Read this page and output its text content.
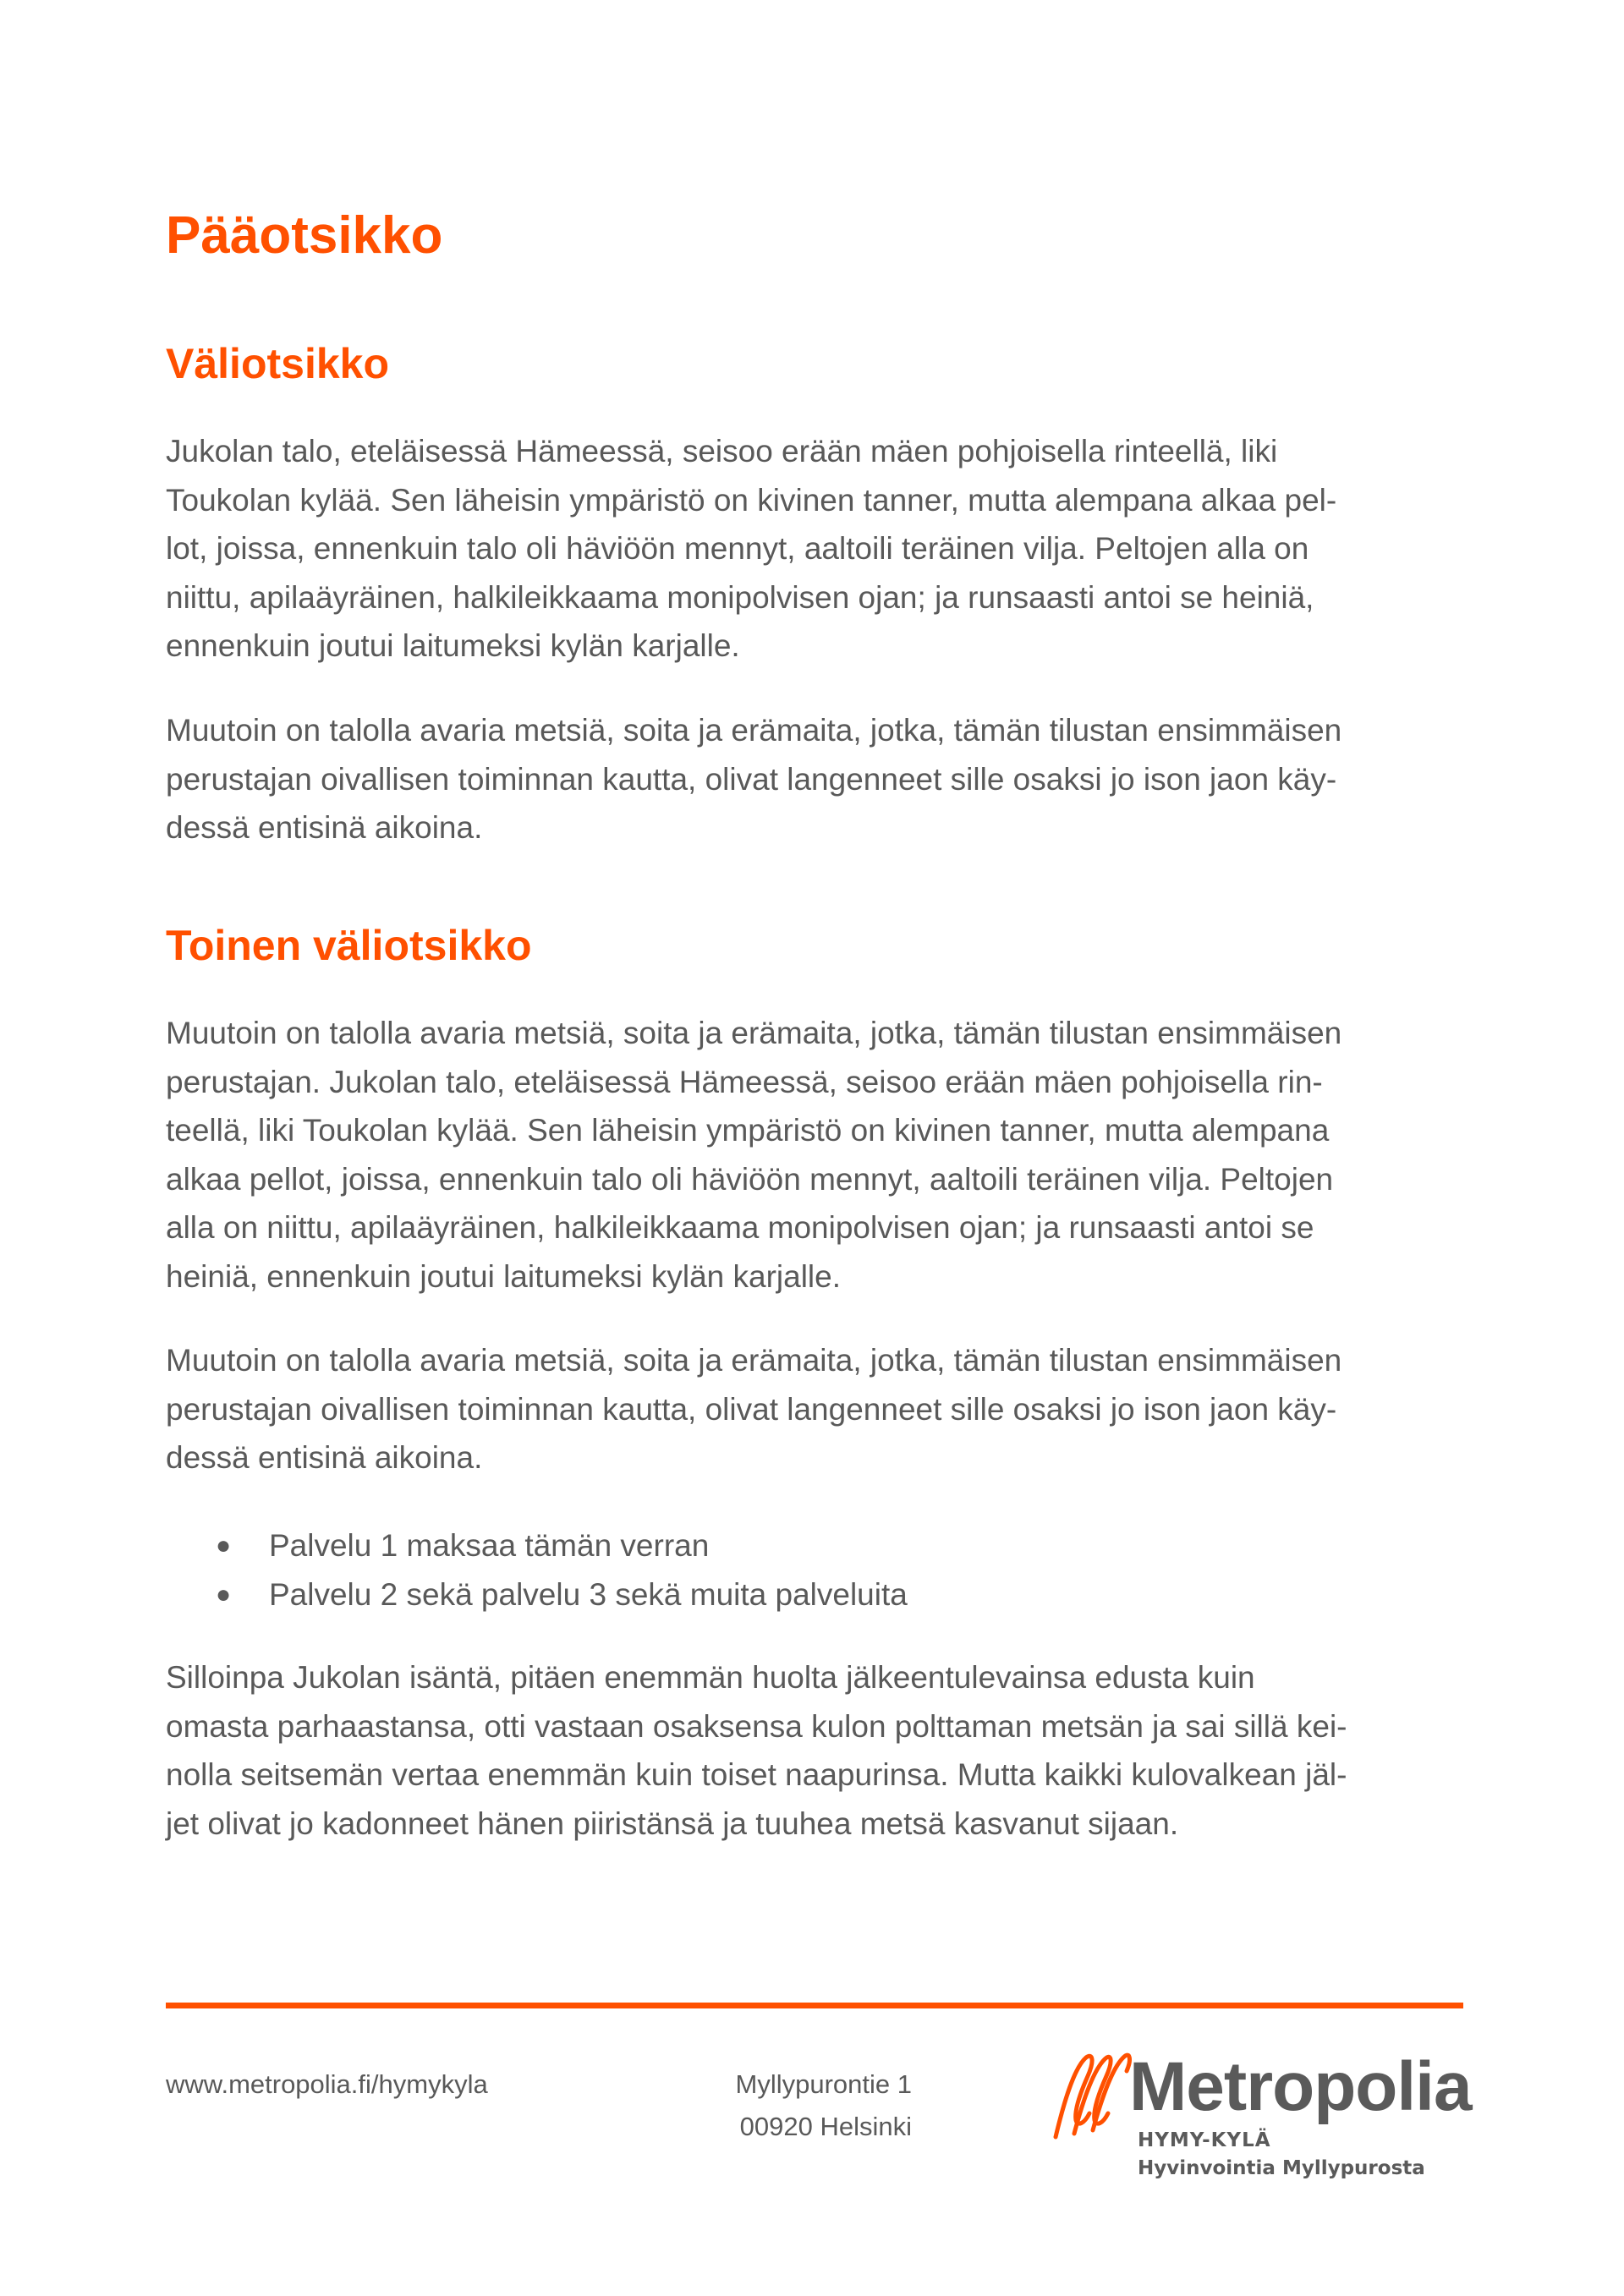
Pääotsikko
Väliotsikko

Jukolan talo, eteläisessä Hämeessä, seisoo erään mäen pohjoisella rinteellä, liki
Toukolan kylää. Sen läheisin ympäristö on kivinen tanner, mutta alempana alkaa pel-
lot, joissa, ennenkuin talo oli häviöön mennyt, aaltoili teräinen vilja. Peltojen alla on
niittu, apilaäyräinen, halkileikkaama monipolvisen ojan; ja runsaasti antoi se heiniä,
ennenkuin joutui laitumeksi kylän karjalle.

Muutoin on talolla avaria metsiä, soita ja erämaita, jotka, tämän tilustan ensimmäisen
perustajan oivallisen toiminnan kautta, olivat langenneet sille osaksi jo ison jaon käy-
dessä entisinä aikoina.

Toinen väliotsikko

Muutoin on talolla avaria metsiä, soita ja erämaita, jotka, tämän tilustan ensimmäisen
perustajan. Jukolan talo, eteläisessä Hämeessä, seisoo erään mäen pohjoisella rin-
teellä, liki Toukolan kylää. Sen läheisin ympäristö on kivinen tanner, mutta alempana
alkaa pellot, joissa, ennenkuin talo oli häviöön mennyt, aaltoili teräinen vilja. Peltojen
alla on niittu, apilaäyräinen, halkileikkaama monipolvisen ojan; ja runsaasti antoi se
heiniä, ennenkuin joutui laitumeksi kylän karjalle.

Muutoin on talolla avaria metsiä, soita ja erämaita, jotka, tämän tilustan ensimmäisen
perustajan oivallisen toiminnan kautta, olivat langenneet sille osaksi jo ison jaon käy-
dessä entisinä aikoina.

● Palvelu 1 maksaa tämän verran
● Palvelu 2 sekä palvelu 3 sekä muita palveluita

Silloinpa Jukolan isäntä, pitäen enemmän huolta jälkeentulevainsa edusta kuin
omasta parhaastansa, otti vastaan osaksensa kulon polttaman metsän ja sai sillä kei-
nolla seitsemän vertaa enemmän kuin toiset naapurinsa. Mutta kaikki kulovalkean jäl-
jet olivat jo kadonneet hänen piiristänsä ja tuuhea metsä kasvanut sijaan.

www.metropolia.fi/hymykyla	Myllypurontie 1
00920 Helsinki
Metropolia
HYMY-KYLÄ
Hyvinvointia Myllypurosta
